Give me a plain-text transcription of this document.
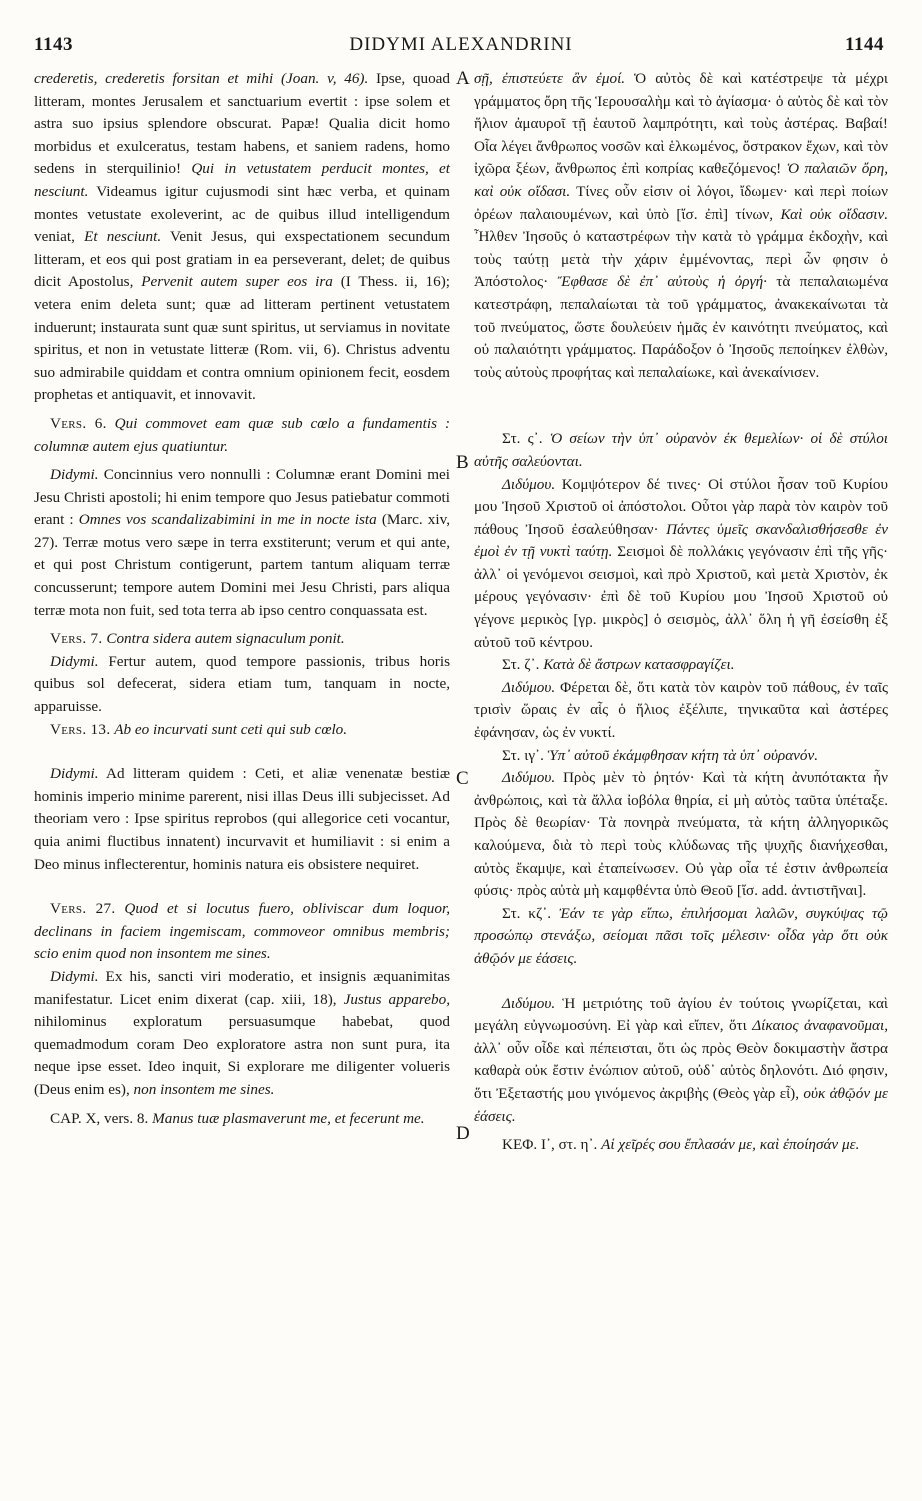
1143	DIDYMI ALEXANDRINI	1144
A
B
C
D

crederetis, crederetis forsitan et mihi (Joan. v, 46). Ipse, quoad litteram, montes Jerusalem et sanctuarium evertit : ipse solem et astra suo ipsius splendore obscurat. Papæ! Qualia dicit homo morbidus et exulceratus, testam habens, et saniem radens, homo sedens in sterquilinio! Qui in vetustatem perducit montes, et nesciunt. Videamus igitur cujusmodi sint hæc verba, et quinam montes vetustate exoleverint, ac de quibus illud intelligendum veniat, Et nesciunt. Venit Jesus, qui exspectationem secundum litteram, et eos qui post gratiam in ea perseverant, delet; de quibus dicit Apostolus, Pervenit autem super eos ira (I Thess. ii, 16); vetera enim deleta sunt; quæ ad litteram pertinent vetustatem induerunt; instaurata sunt quæ sunt spiritus, ut serviamus in novitate spiritus, et non in vetustate litteræ (Rom. vii, 6). Christus adventu suo admirabile quiddam et contra omnium opinionem fecit, eosdem prophetas et antiquavit, et innovavit.

Vers. 6. Qui commovet eam quæ sub cœlo a fundamentis : columnæ autem ejus quatiuntur.

Didymi. Concinnius vero nonnulli : Columnæ erant Domini mei Jesu Christi apostoli; hi enim tempore quo Jesus patiebatur commoti erant : Omnes vos scandalizabimini in me in nocte ista (Marc. xiv, 27). Terræ motus vero sæpe in terra exstiterunt; verum et qui ante, et qui post Christum contigerunt, partem tantum aliquam terræ concusserunt; tempore autem Domini mei Jesu Christi, pars aliqua terræ mota non fuit, sed tota terra ab ipso centro conquassata est.

Vers. 7. Contra sidera autem signaculum ponit.

Didymi. Fertur autem, quod tempore passionis, tribus horis quibus sol defecerat, sidera etiam tum, tanquam in nocte, apparuisse.

Vers. 13. Ab eo incurvati sunt ceti qui sub cœlo.

Didymi. Ad litteram quidem : Ceti, et aliæ venenatæ bestiæ hominis imperio minime parerent, nisi illas Deus illi subjecisset. Ad theoriam vero : Ipse spiritus reprobos (qui allegorice ceti vocantur, quia animi fluctibus innatent) incurvavit et humiliavit : si enim a Deo minus inflecterentur, hominis natura eis obsistere nequiret.

Vers. 27. Quod et si locutus fuero, obliviscar dum loquor, declinans in faciem ingemiscam, commoveor omnibus membris; scio enim quod non insontem me sines.

Didymi. Ex his, sancti viri moderatio, et insignis æquanimitas manifestatur. Licet enim dixerat (cap. xiii, 18), Justus apparebo, nihilominus exploratum persuasumque habebat, quod quemadmodum coram Deo exploratore astra non sunt pura, ita neque ipse esset. Ideo inquit, Si explorare me diligenter volueris (Deus enim es), non insontem me sines.

CAP. X, vers. 8. Manus tuæ plasmaverunt me, et fecerunt me.

σῇ, ἐπιστεύετε ἂν ἐμοί. Ὁ αὐτὸς δὲ καὶ κατέστρεψε τὰ μέχρι γράμματος ὄρη τῆς Ἱερουσαλὴμ καὶ τὸ ἁγίασμα· ὁ αὐτὸς δὲ καὶ τὸν ἥλιον ἀμαυροῖ τῇ ἑαυτοῦ λαμπρότητι, καὶ τοὺς ἀστέρας. Βαβαί! Οἷα λέγει ἄνθρωπος νοσῶν καὶ ἑλκωμένος, ὄστρακον ἔχων, καὶ τὸν ἰχῶρα ξέων, ἄνθρωπος ἐπὶ κοπρίας καθεζόμενος! Ὁ παλαιῶν ὄρη, καὶ οὐκ οἴδασι. Τίνες οὖν εἰσιν οἱ λόγοι, ἴδωμεν· καὶ περὶ ποίων ὀρέων παλαιουμένων, καὶ ὑπὸ [ἴσ. ἐπὶ] τίνων, Καὶ οὐκ οἴδασιν. Ἦλθεν Ἰησοῦς ὁ καταστρέφων τὴν κατὰ τὸ γράμμα ἐκδοχὴν, καὶ τοὺς ταύτῃ μετὰ τὴν χάριν ἐμμένοντας, περὶ ὧν φησιν ὁ Ἀπόστολος· Ἔφθασε δὲ ἐπ᾽ αὐτοὺς ἡ ὀργή· τὰ πεπαλαιωμένα κατεστράφη, πεπαλαίωται τὰ τοῦ γράμματος, ἀνακεκαίνωται τὰ τοῦ πνεύματος, ὥστε δουλεύειν ἡμᾶς ἐν καινότητι πνεύματος, καὶ οὐ παλαιότητι γράμματος. Παράδοξον ὁ Ἰησοῦς πεποίηκεν ἐλθὼν, τοὺς αὐτοὺς προφήτας καὶ πεπαλαίωκε, καὶ ἀνεκαίνισεν.

Στ. ς᾽. Ὁ σείων τὴν ὑπ᾽ οὐρανὸν ἐκ θεμελίων· οἱ δὲ στύλοι αὐτῆς σαλεύονται.

Διδύμου. Κομψότερον δέ τινες· Οἱ στύλοι ἦσαν τοῦ Κυρίου μου Ἰησοῦ Χριστοῦ οἱ ἀπόστολοι. Οὗτοι γὰρ παρὰ τὸν καιρὸν τοῦ πάθους Ἰησοῦ ἐσαλεύθησαν· Πάντες ὑμεῖς σκανδαλισθήσεσθε ἐν ἐμοὶ ἐν τῇ νυκτὶ ταύτῃ. Σεισμοὶ δὲ πολλάκις γεγόνασιν ἐπὶ τῆς γῆς· ἀλλ᾽ οἱ γενόμενοι σεισμοὶ, καὶ πρὸ Χριστοῦ, καὶ μετὰ Χριστὸν, ἐκ μέρους γεγόνασιν· ἐπὶ δὲ τοῦ Κυρίου μου Ἰησοῦ Χριστοῦ οὐ γέγονε μερικὸς [γρ. μικρὸς] ὁ σεισμὸς, ἀλλ᾽ ὅλη ἡ γῆ ἐσείσθη ἐξ αὐτοῦ τοῦ κέντρου.

Στ. ζ᾽. Κατὰ δὲ ἄστρων κατασφραγίζει.

Διδύμου. Φέρεται δὲ, ὅτι κατὰ τὸν καιρὸν τοῦ πάθους, ἐν ταῖς τρισὶν ὥραις ἐν αἷς ὁ ἥλιος ἐξέλιπε, τηνικαῦτα καὶ ἀστέρες ἐφάνησαν, ὡς ἐν νυκτί.

Στ. ιγ᾽. Ὑπ᾽ αὐτοῦ ἐκάμφθησαν κήτη τὰ ὑπ᾽ οὐρανόν.

Διδύμου. Πρὸς μὲν τὸ ῥητόν· Καὶ τὰ κήτη ἀνυπότακτα ἦν ἀνθρώποις, καὶ τὰ ἄλλα ἰοβόλα θηρία, εἰ μὴ αὐτὸς ταῦτα ὑπέταξε. Πρὸς δὲ θεωρίαν· Τὰ πονηρὰ πνεύματα, τὰ κήτη ἀλληγορικῶς καλούμενα, διὰ τὸ περὶ τοὺς κλύδωνας τῆς ψυχῆς διανήχεσθαι, αὐτὸς ἔκαμψε, καὶ ἐταπείνωσεν. Οὐ γὰρ οἷα τέ ἐστιν ἀνθρωπεία φύσις· πρὸς αὐτὰ μὴ καμφθέντα ὑπὸ Θεοῦ [ἴσ. add. ἀντιστῆναι].

Στ. κζ᾽. Ἐάν τε γὰρ εἴπω, ἐπιλήσομαι λαλῶν, συγκύψας τῷ προσώπῳ στενάξω, σείομαι πᾶσι τοῖς μέλεσιν· οἶδα γὰρ ὅτι οὐκ ἀθῷόν με ἐάσεις.

Διδύμου. Ἡ μετριότης τοῦ ἁγίου ἐν τούτοις γνωρίζεται, καὶ μεγάλη εὐγνωμοσύνη. Εἰ γὰρ καὶ εἴπεν, ὅτι Δίκαιος ἀναφανοῦμαι, ἀλλ᾽ οὖν οἶδε καὶ πέπεισται, ὅτι ὡς πρὸς Θεὸν δοκιμαστὴν ἄστρα καθαρὰ οὐκ ἔστιν ἐνώπιον αὐτοῦ, οὐδ᾽ αὐτὸς δηλονότι. Διό φησιν, ὅτι Ἐξεταστής μου γινόμενος ἀκριβὴς (Θεὸς γὰρ εἶ), οὐκ ἀθῷόν με ἐάσεις.

ΚΕΦ. Ι᾽, στ. η᾽. Αἱ χεῖρές σου ἔπλασάν με, καὶ ἐποίησάν με.
